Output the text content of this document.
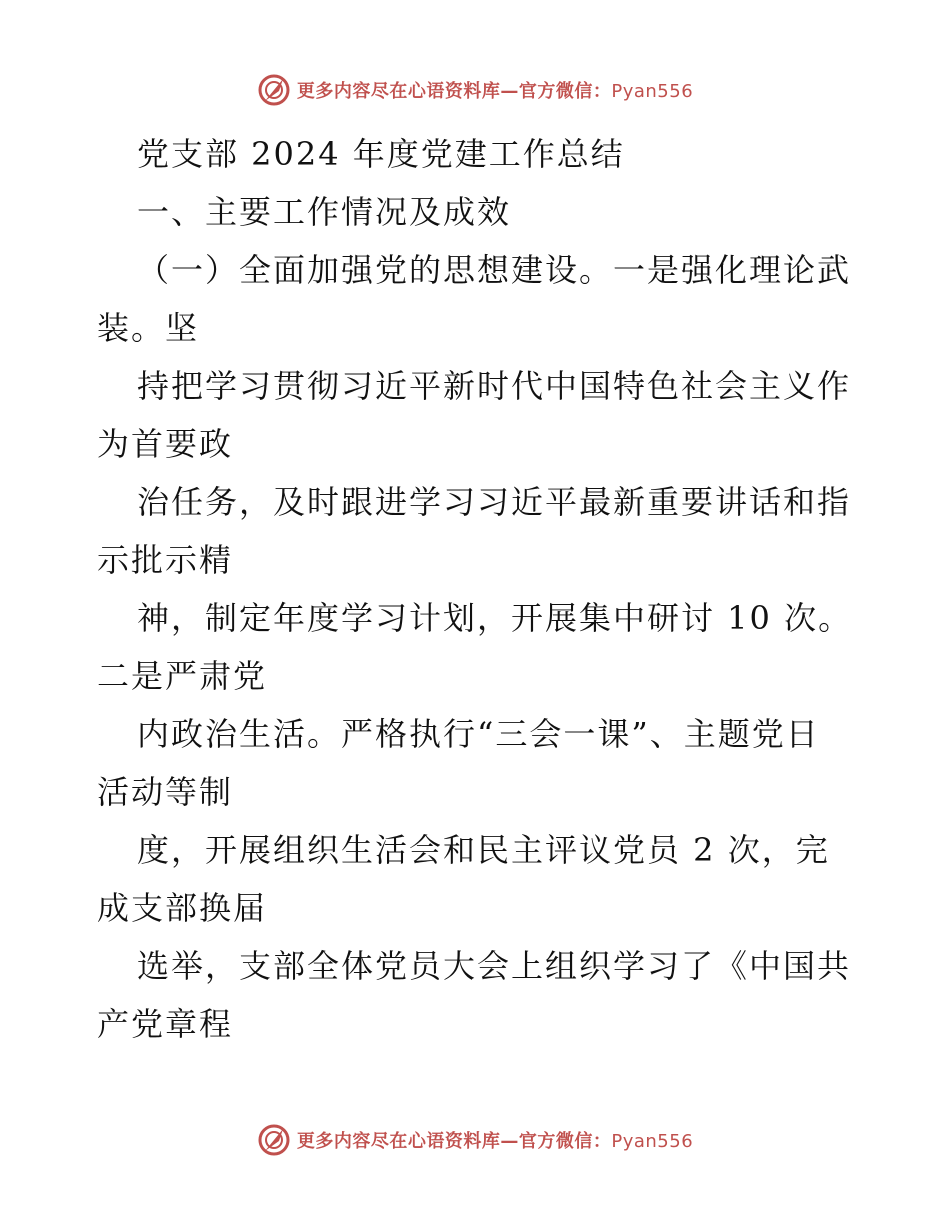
更多内容尽在心语资料库—官方微信：Pyan556
党支部 2024 年度党建工作总结
一、主要工作情况及成效
（一）全面加强党的思想建设。一是强化理论武
装。坚
持把学习贯彻习近平新时代中国特色社会主义作
为首要政
治任务，及时跟进学习习近平最新重要讲话和指
示批示精
神，制定年度学习计划，开展集中研讨 10 次。
二是严肃党
内政治生活。严格执行“三会一课”、主题党日
活动等制
度，开展组织生活会和民主评议党员 2 次，完
成支部换届
选举，支部全体党员大会上组织学习了《中国共
产党章程
更多内容尽在心语资料库—官方微信：Pyan556
